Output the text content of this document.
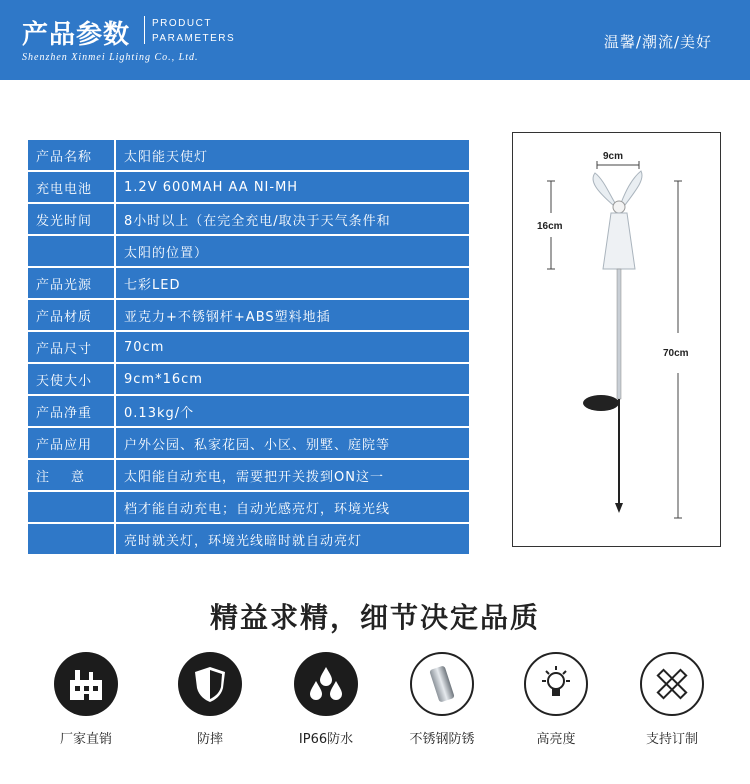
产品参数 PRODUCT
PARAMETERS
Shenzhen Xinmei Lighting Co., Ltd.
温馨/潮流/美好
产品名称	太阳能天使灯
充电电池	1.2V 600MAH AA NI-MH
发光时间	8小时以上（在完全充电/取决于天气条件和
	太阳的位置）
产品光源	七彩LED
产品材质	亚克力+不锈钢杆+ABS塑料地插
产品尺寸	70cm
天使大小	9cm*16cm
产品净重	0.13kg/个
产品应用	户外公园、私家花园、小区、别墅、庭院等
注意	太阳能自动充电，需要把开关拨到ON这一
	档才能自动充电；自动光感亮灯，环境光线
	亮时就关灯，环境光线暗时就自动亮灯
9cm
16cm
70cm
精益求精，细节决定品质
厂家直销	防摔	IP66防水	不锈钢防锈	高亮度	支持订制
